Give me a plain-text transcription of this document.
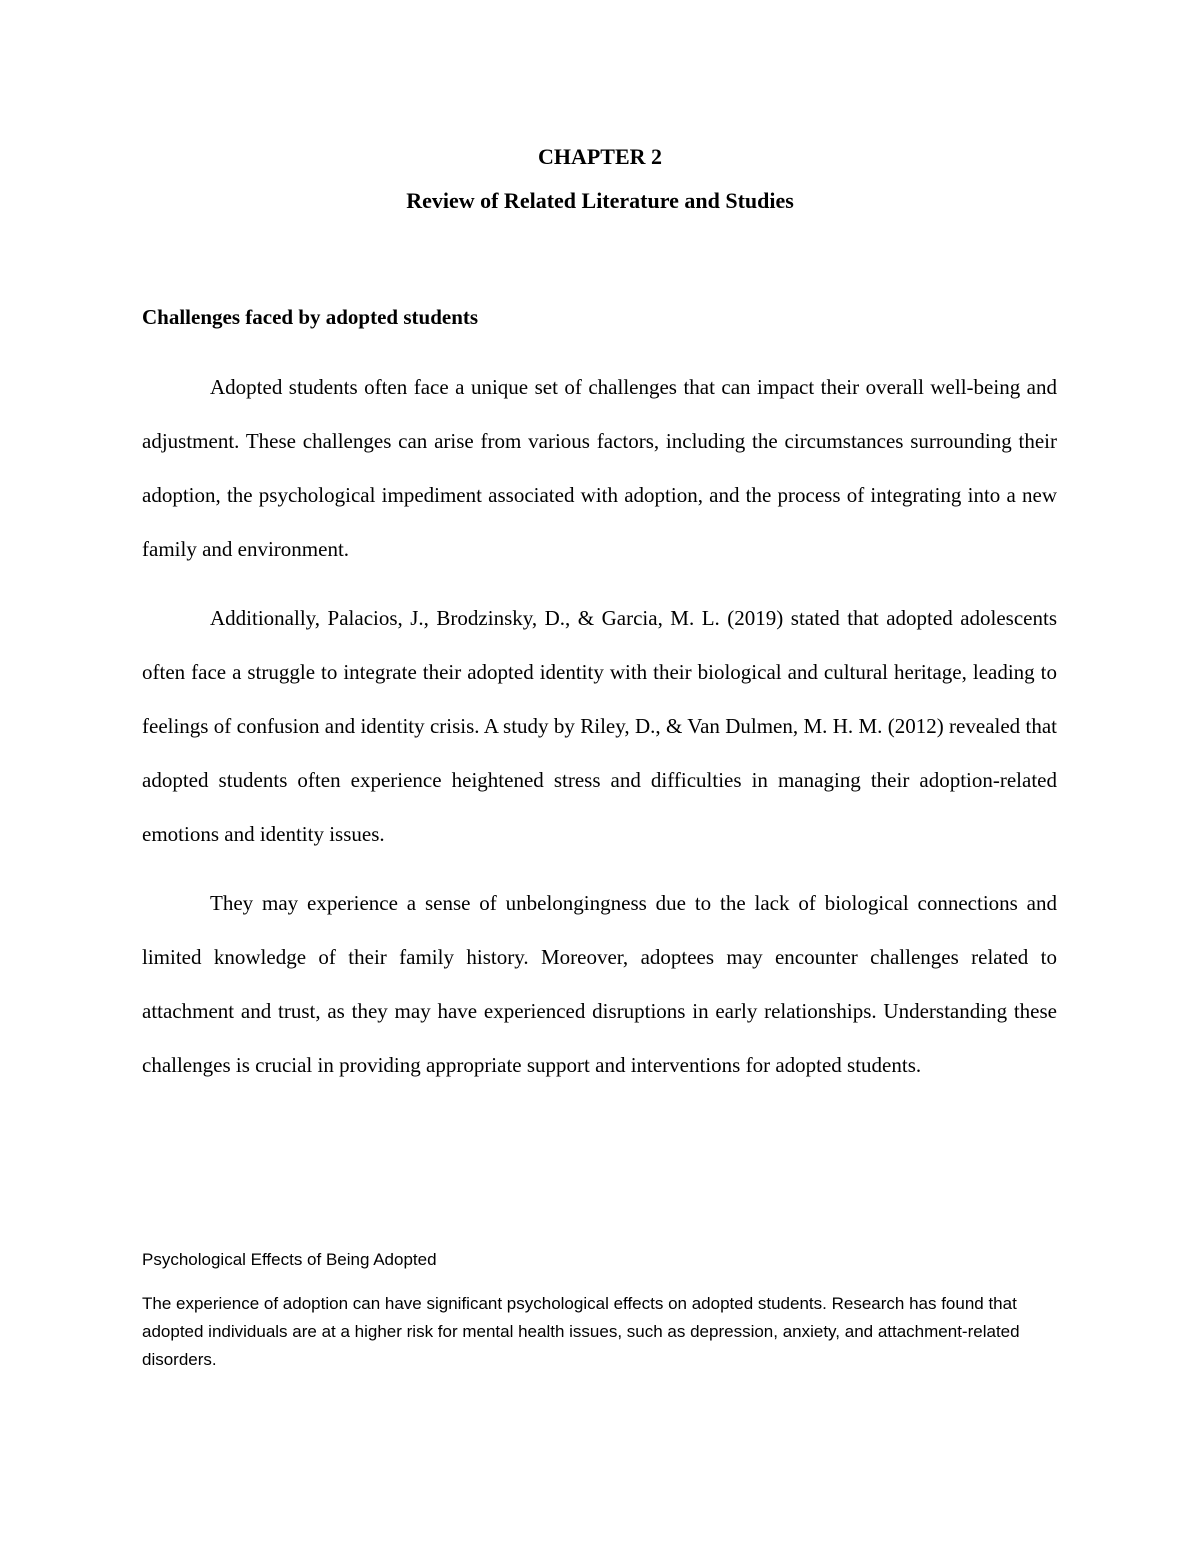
CHAPTER 2
Review of Related Literature and Studies
Challenges faced by adopted students

Adopted students often face a unique set of challenges that can impact their overall well-being and adjustment. These challenges can arise from various factors, including the circumstances surrounding their adoption, the psychological impediment associated with adoption, and the process of integrating into a new family and environment.

Additionally, Palacios, J., Brodzinsky, D., & Garcia, M. L. (2019) stated that adopted adolescents often face a struggle to integrate their adopted identity with their biological and cultural heritage, leading to feelings of confusion and identity crisis. A study by Riley, D., & Van Dulmen, M. H. M. (2012) revealed that adopted students often experience heightened stress and difficulties in managing their adoption-related emotions and identity issues.

They may experience a sense of unbelongingness due to the lack of biological connections and limited knowledge of their family history. Moreover, adoptees may encounter challenges related to attachment and trust, as they may have experienced disruptions in early relationships. Understanding these challenges is crucial in providing appropriate support and interventions for adopted students.

Psychological Effects of Being Adopted

The experience of adoption can have significant psychological effects on adopted students. Research has found that adopted individuals are at a higher risk for mental health issues, such as depression, anxiety, and attachment-related disorders.
